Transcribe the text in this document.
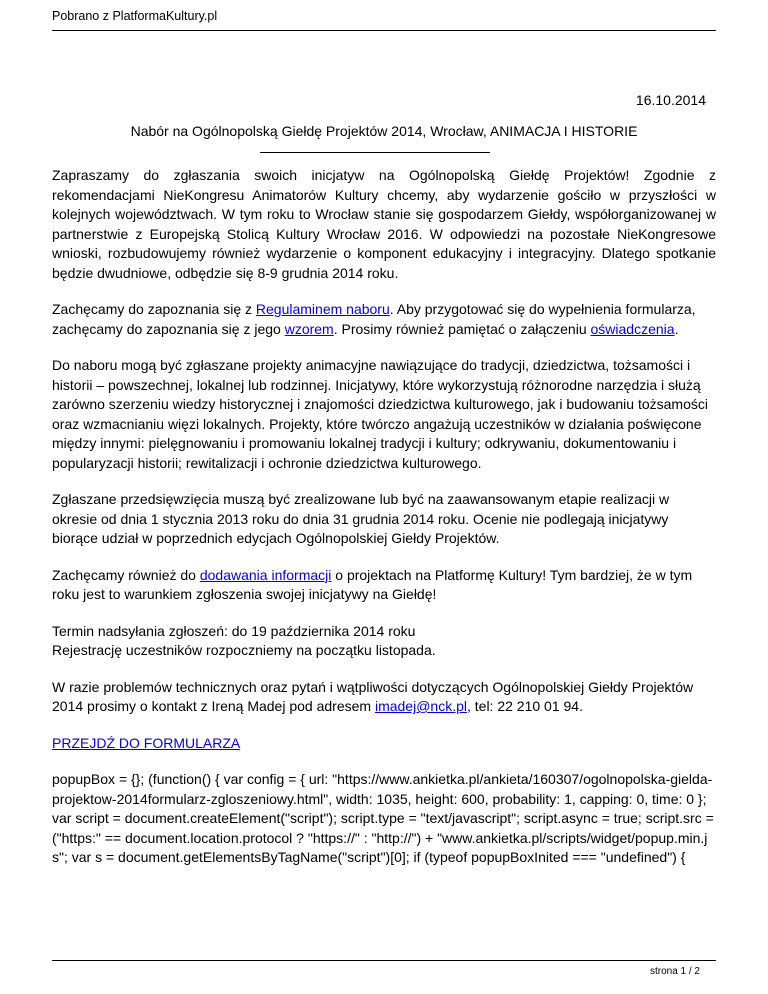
Pobrano z PlatformaKultury.pl
16.10.2014
Nabór na Ogólnopolską Giełdę Projektów 2014, Wrocław, ANIMACJA I HISTORIE

Zapraszamy do zgłaszania swoich inicjatyw na Ogólnopolską Giełdę Projektów! Zgodnie z rekomendacjami NieKongresu Animatorów Kultury chcemy, aby wydarzenie gościło w przyszłości w kolejnych województwach. W tym roku to Wrocław stanie się gospodarzem Giełdy, współorganizowanej w partnerstwie z Europejską Stolicą Kultury Wrocław 2016. W odpowiedzi na pozostałe NieKongresowe wnioski, rozbudowujemy również wydarzenie o komponent edukacyjny i integracyjny. Dlatego spotkanie będzie dwudniowe, odbędzie się 8-9 grudnia 2014 roku.

Zachęcamy do zapoznania się z Regulaminem naboru. Aby przygotować się do wypełnienia formularza, zachęcamy do zapoznania się z jego wzorem. Prosimy również pamiętać o załączeniu oświadczenia.

Do naboru mogą być zgłaszane projekty animacyjne nawiązujące do tradycji, dziedzictwa, tożsamości i historii – powszechnej, lokalnej lub rodzinnej. Inicjatywy, które wykorzystują różnorodne narzędzia i służą zarówno szerzeniu wiedzy historycznej i znajomości dziedzictwa kulturowego, jak i budowaniu tożsamości oraz wzmacnianiu więzi lokalnych. Projekty, które twórczo angażują uczestników w działania poświęcone między innymi: pielęgnowaniu i promowaniu lokalnej tradycji i kultury; odkrywaniu, dokumentowaniu i popularyzacji historii; rewitalizacji i ochronie dziedzictwa kulturowego.

Zgłaszane przedsięwzięcia muszą być zrealizowane lub być na zaawansowanym etapie realizacji w okresie od dnia 1 stycznia 2013 roku do dnia 31 grudnia 2014 roku. Ocenie nie podlegają inicjatywy biorące udział w poprzednich edycjach Ogólnopolskiej Giełdy Projektów.

Zachęcamy również do dodawania informacji o projektach na Platformę Kultury! Tym bardziej, że w tym roku jest to warunkiem zgłoszenia swojej inicjatywy na Giełdę!

Termin nadsyłania zgłoszeń: do 19 października 2014 roku
Rejestrację uczestników rozpoczniemy na początku listopada.

W razie problemów technicznych oraz pytań i wątpliwości dotyczących Ogólnopolskiej Giełdy Projektów 2014 prosimy o kontakt z Ireną Madej pod adresem imadej@nck.pl, tel: 22 210 01 94.

PRZEJDŹ DO FORMULARZA

popupBox = {}; (function() { var config = { url: "https://www.ankietka.pl/ankieta/160307/ogolnopolska-gielda-projektow-2014formularz-zgloszeniowy.html", width: 1035, height: 600, probability: 1, capping: 0, time: 0 }; var script = document.createElement("script"); script.type = "text/javascript"; script.async = true; script.src = ("https:" == document.location.protocol ? "https://" : "http://") + "www.ankietka.pl/scripts/widget/popup.min.js"; var s = document.getElementsByTagName("script")[0]; if (typeof popupBoxInited === "undefined") {

strona 1 / 2
